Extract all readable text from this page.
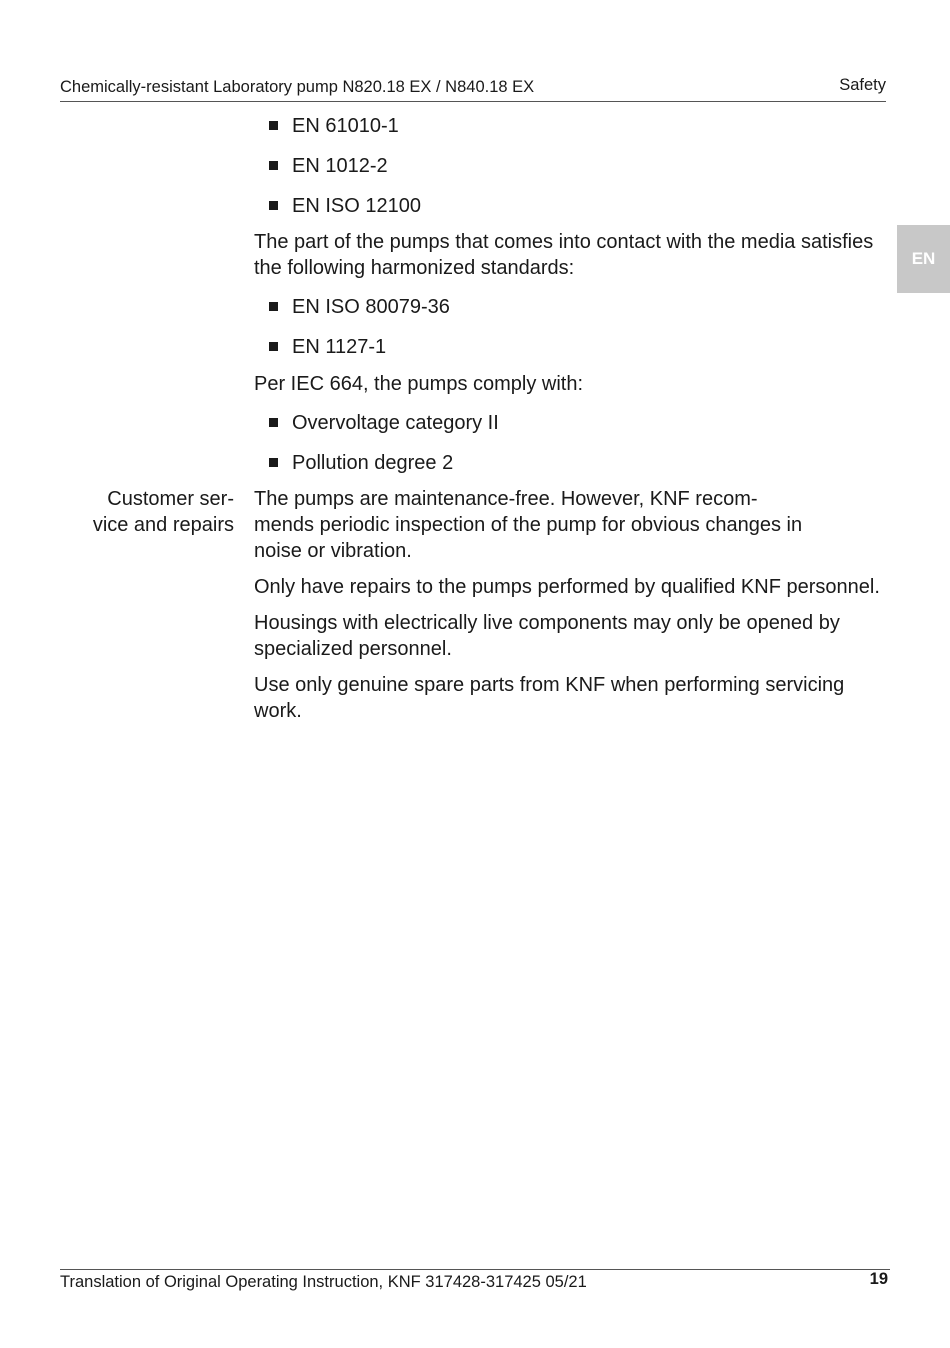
Chemically-resistant Laboratory pump N820.18 EX / N840.18 EX	Safety
EN
EN 61010-1
EN 1012-2
EN ISO 12100

The part of the pumps that comes into contact with the media satisfies the following harmonized standards:

EN ISO 80079-36
EN 1127-1

Per IEC 664, the pumps comply with:

Overvoltage category II
Pollution degree 2
Customer ser-
vice and repairs

The pumps are maintenance-free. However, KNF recom-
mends periodic inspection of the pump for obvious changes in
noise or vibration.

Only have repairs to the pumps performed by qualified KNF personnel.

Housings with electrically live components may only be opened by specialized personnel.

Use only genuine spare parts from KNF when performing servicing work.

Translation of Original Operating Instruction, KNF 317428-317425 05/21	19
